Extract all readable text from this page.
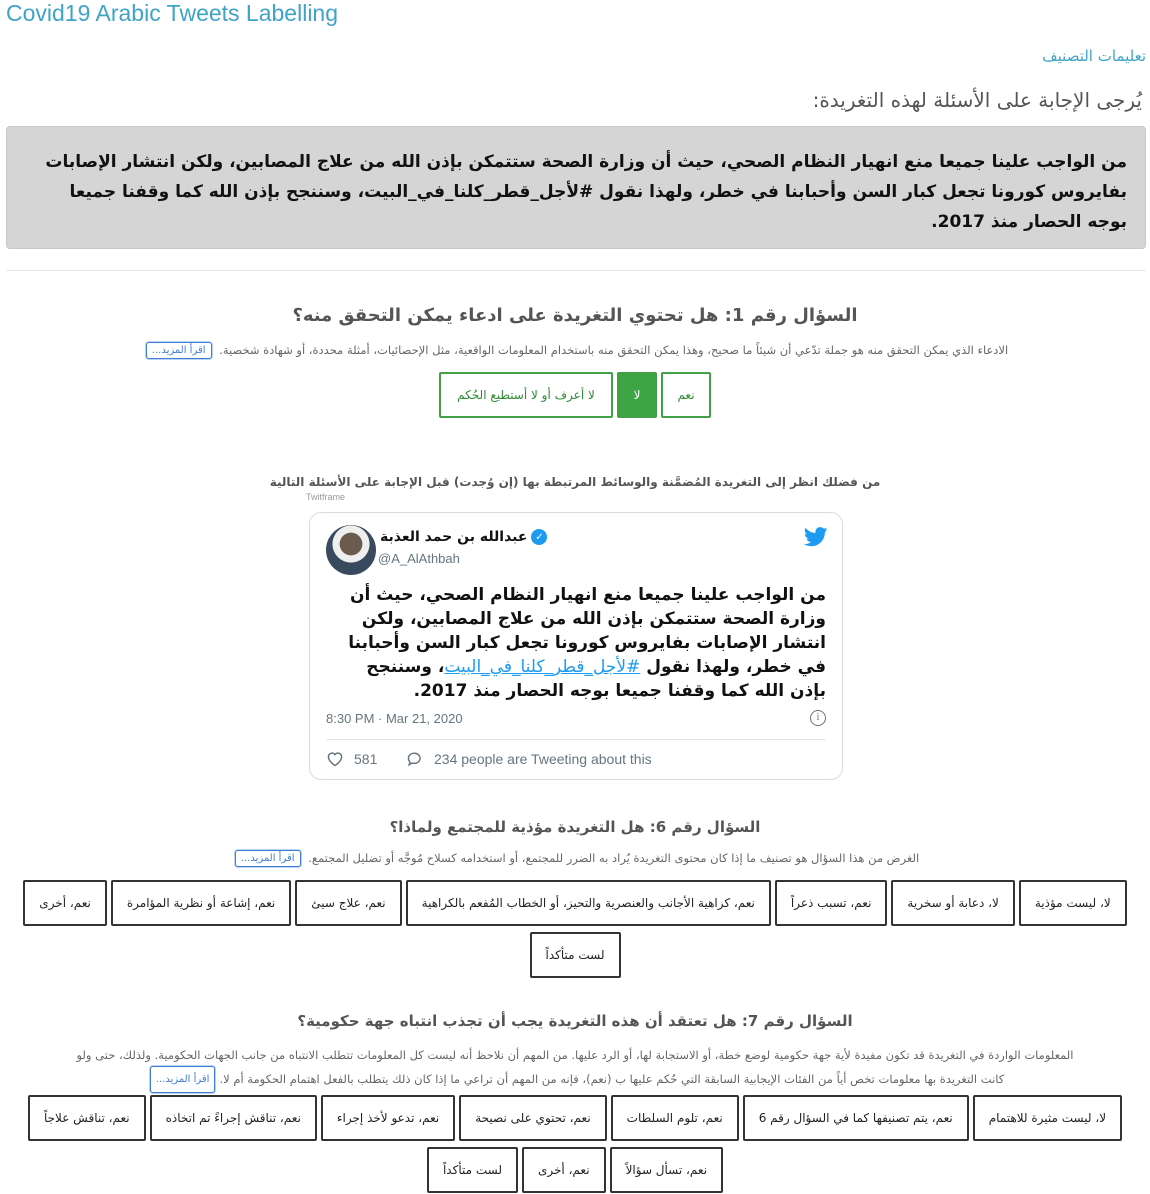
Covid19 Arabic Tweets Labelling
تعليمات التصنيف
يُرجى الإجابة على الأسئلة لهذه التغريدة:
من الواجب علينا جميعا منع انهيار النظام الصحي، حيث أن وزارة الصحة ستتمكن بإذن الله من علاج المصابين، ولكن انتشار الإصابات بفايروس كورونا تجعل كبار السن وأحبابنا في خطر، ولهذا نقول #لأجل_قطر_كلنا_في_البيت، وسننجح بإذن الله كما وقفنا جميعا بوجه الحصار منذ 2017.
السؤال رقم 1: هل تحتوي التغريدة على ادعاء يمكن التحقق منه؟
الادعاء الذي يمكن التحقق منه هو جملة تدّعي أن شيئاً ما صحيح، وهذا يمكن التحقق منه باستخدام المعلومات الواقعية، مثل الإحصائيات، أمثلة محددة، أو شهادة شخصية. اقرأ المزيد...
نعم
لا
لا أعرف أو لا أستطيع الحُكم
من فضلك انظر إلى التغريدة المُضمَّنة والوسائط المرتبطة بها (إن وُجدت) قبل الإجابة على الأسئلة التالية
Twitframe
✓
عبدالله بن حمد العذبة
@A_AlAthbah
من الواجب علينا جميعا منع انهيار النظام الصحي، حيث أن وزارة الصحة ستتمكن بإذن الله من علاج المصابين، ولكن انتشار الإصابات بفايروس كورونا تجعل كبار السن وأحبابنا في خطر، ولهذا نقول #لأجل_قطر_كلنا_في_البيت، وسننجح بإذن الله كما وقفنا جميعا بوجه الحصار منذ 2017.
8:30 PM · Mar 21, 2020	i
581	234 people are Tweeting about this
السؤال رقم 6: هل التغريدة مؤذية للمجتمع ولماذا؟
الغرض من هذا السؤال هو تصنيف ما إذا كان محتوى التغريدة يُراد به الضرر للمجتمع، أو استخدامه كسلاح مُوجَّه أو تضليل المجتمع. اقرأ المزيد...
لا، ليست مؤذية
لا، دعابة أو سخرية
نعم، تسبب ذعراً
نعم، كراهية الأجانب والعنصرية والتحيز، أو الخطاب المُفعم بالكراهية
نعم، علاج سيئ
نعم، إشاعة أو نظرية المؤامرة
نعم، أخرى
لست متأكداً
السؤال رقم 7: هل تعتقد أن هذه التغريدة يجب أن تجذب انتباه جهة حكومية؟
المعلومات الواردة في التغريدة قد تكون مفيدة لأية جهة حكومية لوضع خطة، أو الاستجابة لها، أو الرد عليها. من المهم أن نلاحظ أنه ليست كل المعلومات تتطلب الانتباه من جانب الجهات الحكومية. ولذلك، حتى ولو
كانت التغريدة بها معلومات تخص أياً من الفئات الإيجابية السابقة التي حُكم عليها ب (نعم)، فإنه من المهم أن تراعي ما إذا كان ذلك يتطلب بالفعل اهتمام الحكومة أم لا.اقرأ المزيد...
لا، ليست مثيرة للاهتمام
نعم، يتم تصنيفها كما في السؤال رقم 6
نعم، تلوم السلطات
نعم، تحتوي على نصيحة
نعم، تدعو لأخذ إجراء
نعم، تناقش إجراءً تم اتخاذه
نعم، تناقش علاجاً
نعم، تسأل سؤالاً
نعم، أخرى
لست متأكداً
